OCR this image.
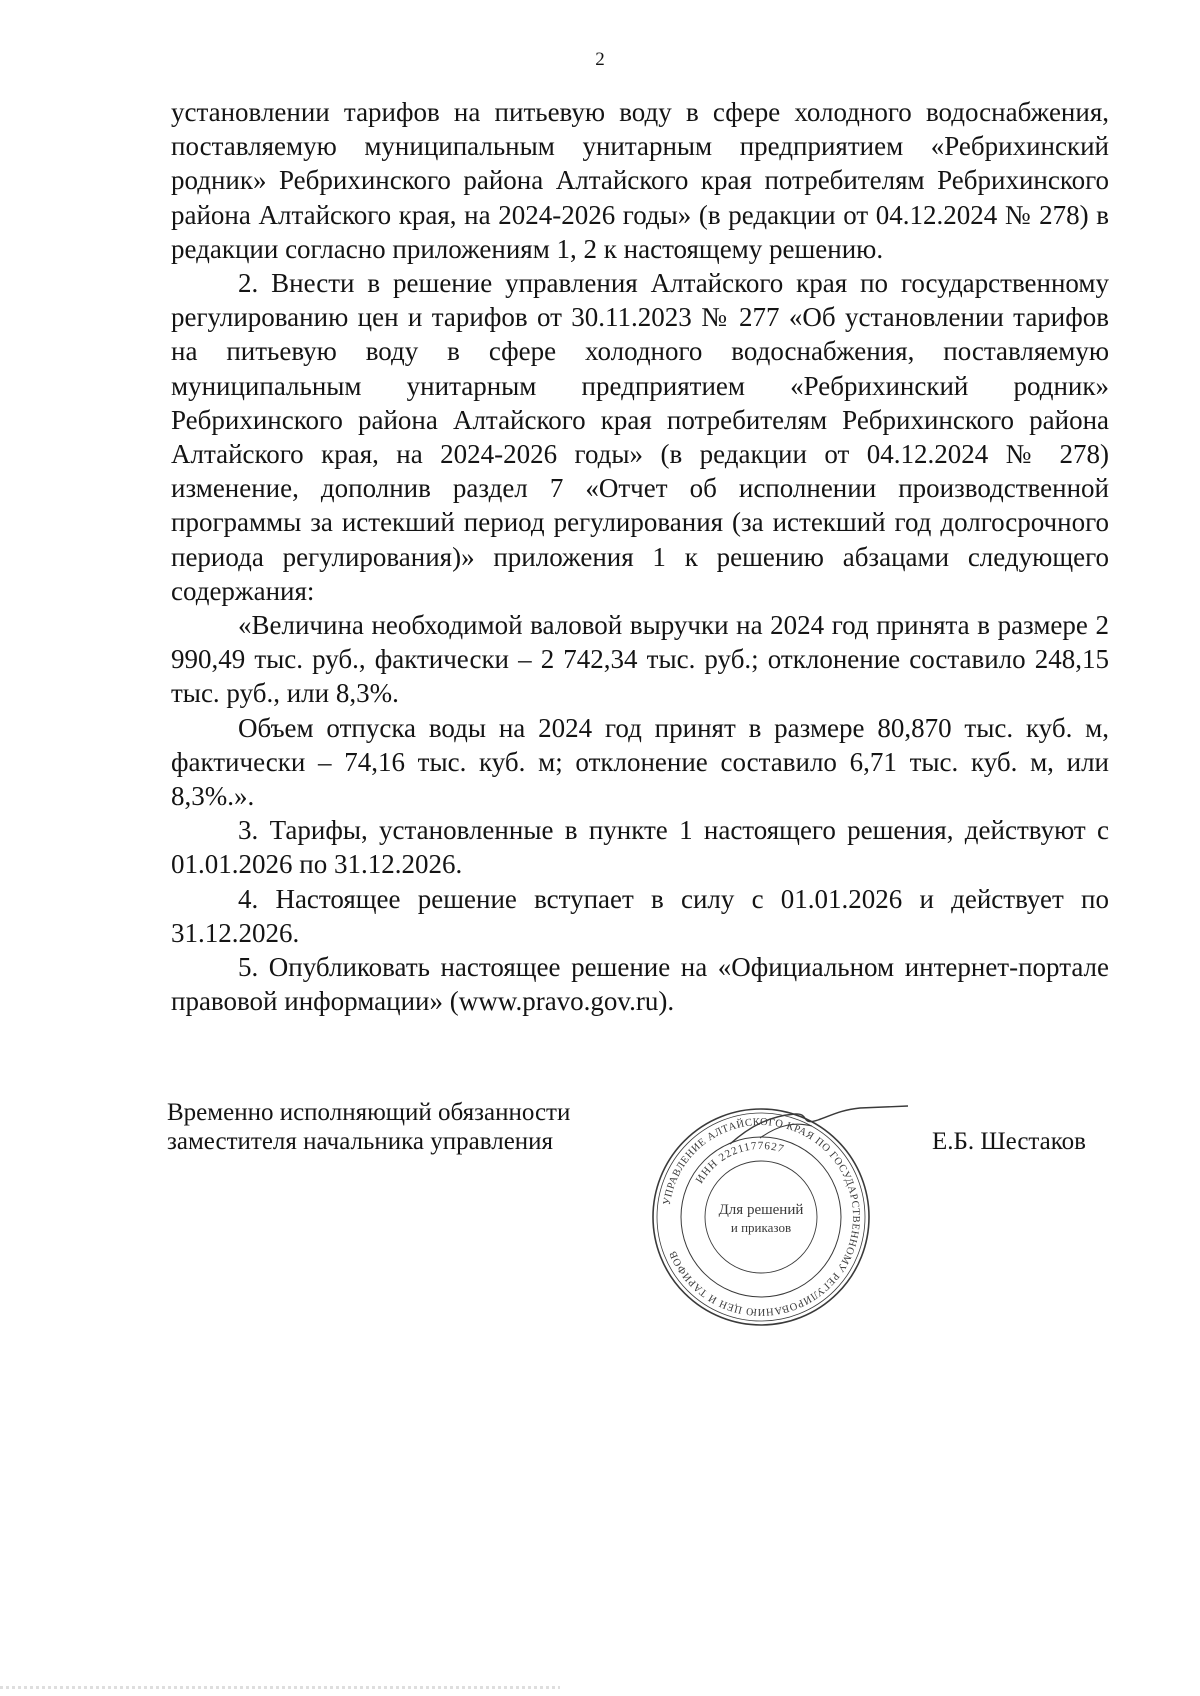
2

установлении тарифов на питьевую воду в сфере холодного водоснабжения, поставляемую муниципальным унитарным предприятием «Ребрихинский родник» Ребрихинского района Алтайского края потребителям Ребрихинского района Алтайского края, на 2024-2026 годы» (в редакции от 04.12.2024 № 278) в редакции согласно приложениям 1, 2 к настоящему решению.

2. Внести в решение управления Алтайского края по государственному регулированию цен и тарифов от 30.11.2023 № 277 «Об установлении тарифов на питьевую воду в сфере холодного водоснабжения, поставляемую муниципальным унитарным предприятием «Ребрихинский родник» Ребрихинского района Алтайского края потребителям Ребрихинского района Алтайского края, на 2024-2026 годы» (в редакции от 04.12.2024 № 278) изменение, дополнив раздел 7 «Отчет об исполнении производственной программы за истекший период регулирования (за истекший год долгосрочного периода регулирования)» приложения 1 к решению абзацами следующего содержания:

«Величина необходимой валовой выручки на 2024 год принята в размере 2 990,49 тыс. руб., фактически – 2 742,34 тыс. руб.; отклонение составило 248,15 тыс. руб., или 8,3%.

Объем отпуска воды на 2024 год принят в размере 80,870 тыс. куб. м, фактически – 74,16 тыс. куб. м; отклонение составило 6,71 тыс. куб. м, или 8,3%.».

3. Тарифы, установленные в пункте 1 настоящего решения, действуют с 01.01.2026 по 31.12.2026.

4. Настоящее решение вступает в силу с 01.01.2026 и действует по 31.12.2026.

5. Опубликовать настоящее решение на «Официальном интернет-портале правовой информации» (www.pravo.gov.ru).

Временно исполняющий обязанности
заместителя начальника управления
УПРАВЛЕНИЕ АЛТАЙСКОГО КРАЯ ПО ГОСУДАРСТВЕННОМУ РЕГУЛИРОВАНИЮ ЦЕН И ТАРИФОВ
ИНН 2221177627
Для решений
и приказов
Е.Б. Шестаков
